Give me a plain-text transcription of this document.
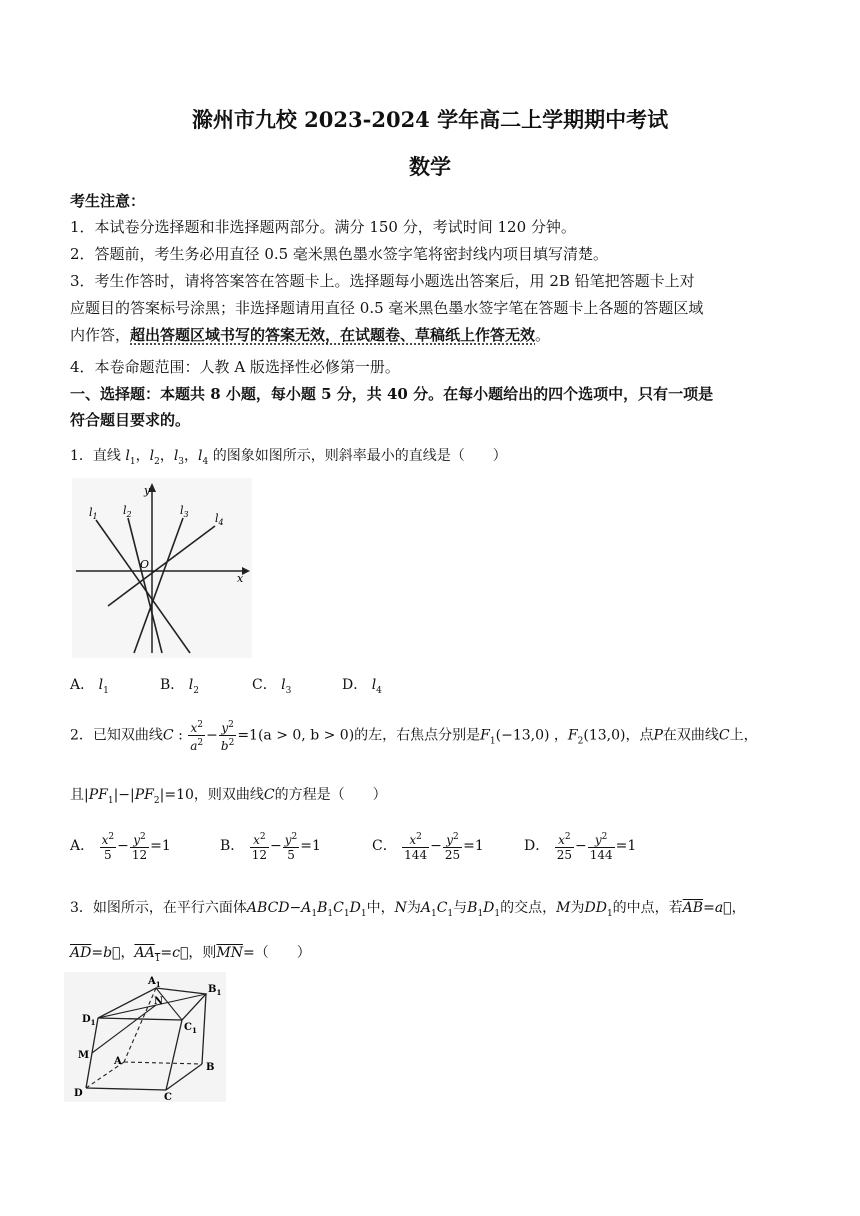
滁州市九校 2023-2024 学年高二上学期期中考试
数学
考生注意：
1．本试卷分选择题和非选择题两部分。满分 150 分，考试时间 120 分钟。
2．答题前，考生务必用直径 0.5 毫米黑色墨水签字笔将密封线内项目填写清楚。
3．考生作答时，请将答案答在答题卡上。选择题每小题选出答案后，用 2B 铅笔把答题卡上对
应题目的答案标号涂黑；非选择题请用直径 0.5 毫米黑色墨水签字笔在答题卡上各题的答题区域
内作答，超出答题区域书写的答案无效，在试题卷、草稿纸上作答无效。
4．本卷命题范围：人教 A 版选择性必修第一册。
一、选择题：本题共 8 小题，每小题 5 分，共 40 分。在每小题给出的四个选项中，只有一项是
符合题目要求的。
1．直线 $l_1$，$l_2$，$l_3$，$l_4$ 的图象如图所示，则斜率最小的直线是（　　）
$l_1$ $l_2$	$l_3$ $l_4$
y
x
O
A． $l_1$	B． $l_2$	C． $l_3$	D． $l_4$
2．已知双曲线C : $\frac{x^2}{a^2} - \frac{y^2}{b^2} =1(a > 0$, b > 0)的左，右焦点分别是$F_1(-13,0)$ ，$F_2(13,0)$，点P在双曲线C上，
且$|PF_1|-|PF_2|=10$，则双曲线C的方程是（　　）
A． $\frac{x^2}{5} - \frac{y^2}{12} =1$	B． $\frac{x^2}{12} - \frac{y^2}{5} =1$	C． $\frac{x^2}{144} - \frac{y^2}{25} =1$	D． $\frac{x^2}{25} - \frac{y^2}{144} =1$
3．如图所示，在平行六面体$ABCD-A_1B_1C_1D_1$中，N为$A_1C_1$与$B_1D_1$的交点，M为$DD_1$的中点，若$\overline{AB}=a⃗$，
$\overline{AD}=b⃗$，$AA_1=c⃗$，则$\overline{MN}=$（　　）
$A_1$
N
$B_1$
$D_1$	$C_1$
M
A
B
D	C
